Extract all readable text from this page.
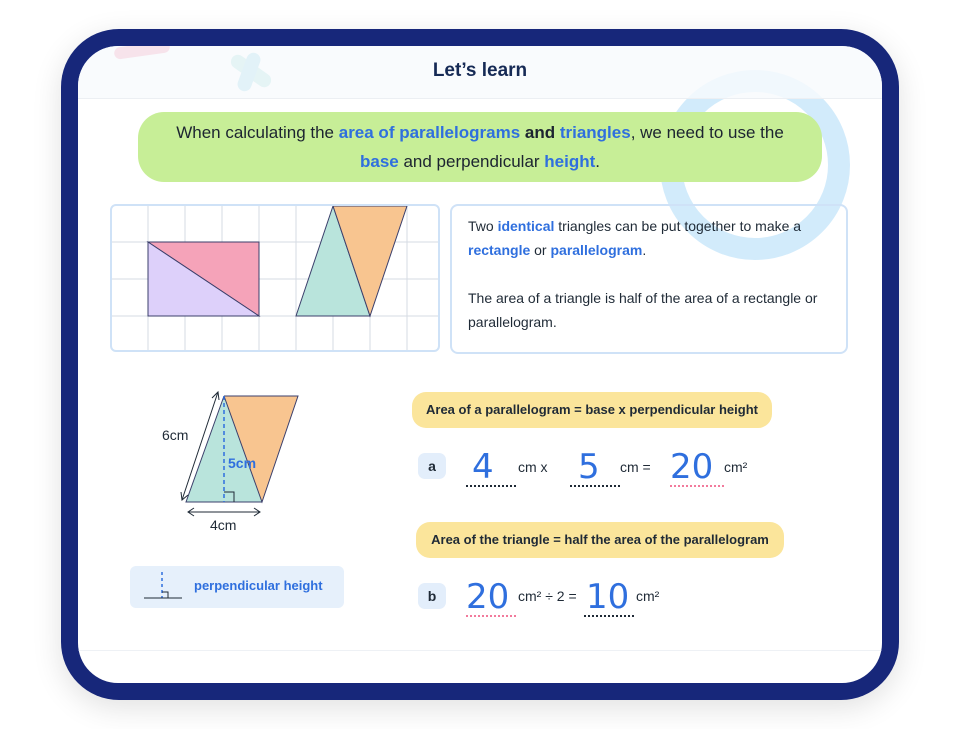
Let’s learn
When calculating the area of parallelograms and triangles, we need to use the
base and perpendicular height.

Two identical triangles can be put together to make a rectangle or parallelogram.

The area of a triangle is half of the area of a rectangle or parallelogram.

6cm
5cm
4cm
perpendicular height
Area of a parallelogram = base x perpendicular height
a 4 cm x 5 cm = 20 cm²
Area of the triangle = half the area of the parallelogram
b 20 cm² ÷ 2 = 10 cm²
